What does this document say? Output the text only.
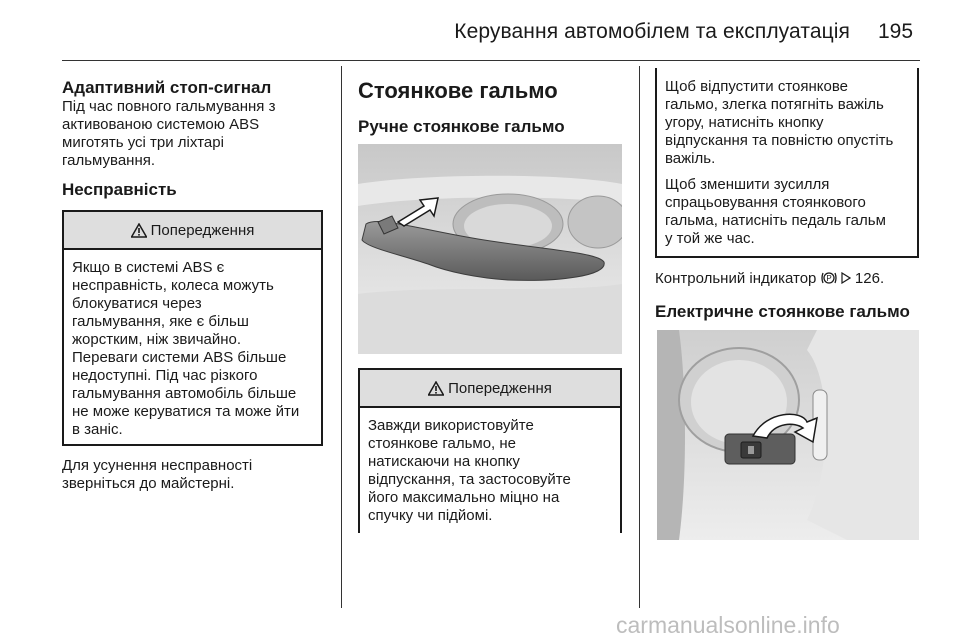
Керування автомобілем та експлуатація 195
Адаптивний стоп-сигнал

Під час повного гальмування з
активованою системою ABS
миготять усі три ліхтарі
гальмування.

Несправність
Попередження
Якщо в системі ABS є
несправність, колеса можуть
блокуватися через
гальмування, яке є більш
жорстким, ніж звичайно.
Переваги системи ABS більше
недоступні. Під час різкого
гальмування автомобіль більше
не може керуватися та може йти
в заніс.

Для усунення несправності
зверніться до майстерні.

Стоянкове гальмо
Ручне стоянкове гальмо
Попередження
Завжди використовуйте
стоянкове гальмо, не
натискаючи на кнопку
відпускання, та застосовуйте
його максимально міцно на
спучку чи підйомі.

Щоб відпустити стоянкове
гальмо, злегка потягніть важіль
угору, натисніть кнопку
відпускання та повністю опустіть
важіль.

Щоб зменшити зусилля
спрацьовування стоянкового
гальма, натисніть педаль гальм
у той же час.

Контрольний індикатор P 126.

Електричне стоянкове гальмо
carmanualsonline.info
